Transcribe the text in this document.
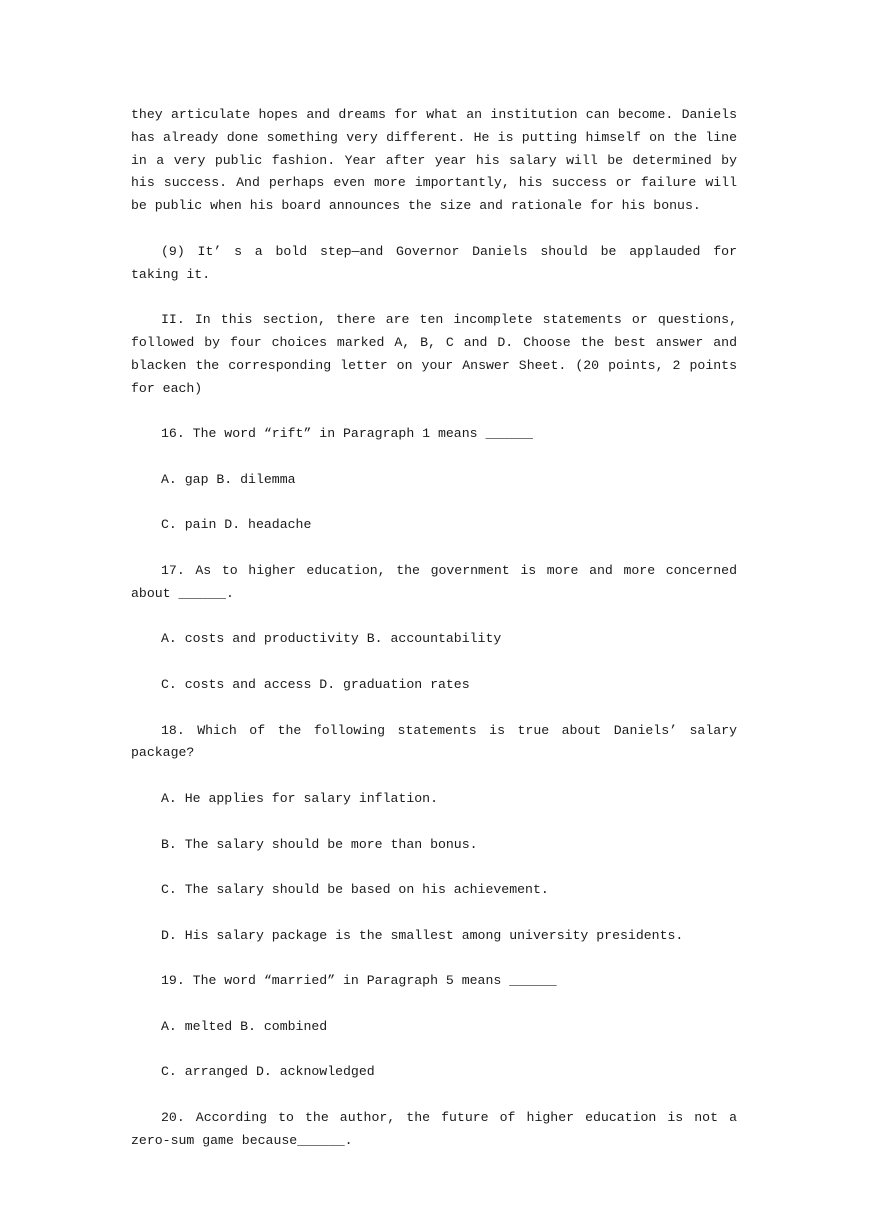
they articulate hopes and dreams for what an institution can become. Daniels has already done something very different. He is putting himself on the line in a very public fashion. Year after year his salary will be determined by his success. And perhaps even more importantly, his success or failure will be public when his board announces the size and rationale for his bonus.

(9) It’ s a bold step—and Governor Daniels should be applauded for taking it.

II. In this section, there are ten incomplete statements or questions, followed by four choices marked A, B, C and D. Choose the best answer and blacken the corresponding letter on your Answer Sheet. (20 points, 2 points for each)

16. The word “rift” in Paragraph 1 means ______

A. gap B. dilemma

C. pain D. headache

17. As to higher education, the government is more and more concerned about ______.

A. costs and productivity B. accountability

C. costs and access D. graduation rates

18. Which of the following statements is true about Daniels’ salary package?

A. He applies for salary inflation.

B. The salary should be more than bonus.

C. The salary should be based on his achievement.

D. His salary package is the smallest among university presidents.

19. The word “married” in Paragraph 5 means ______

A. melted B. combined

C. arranged D. acknowledged

20. According to the author, the future of higher education is not a zero-sum game because______.
